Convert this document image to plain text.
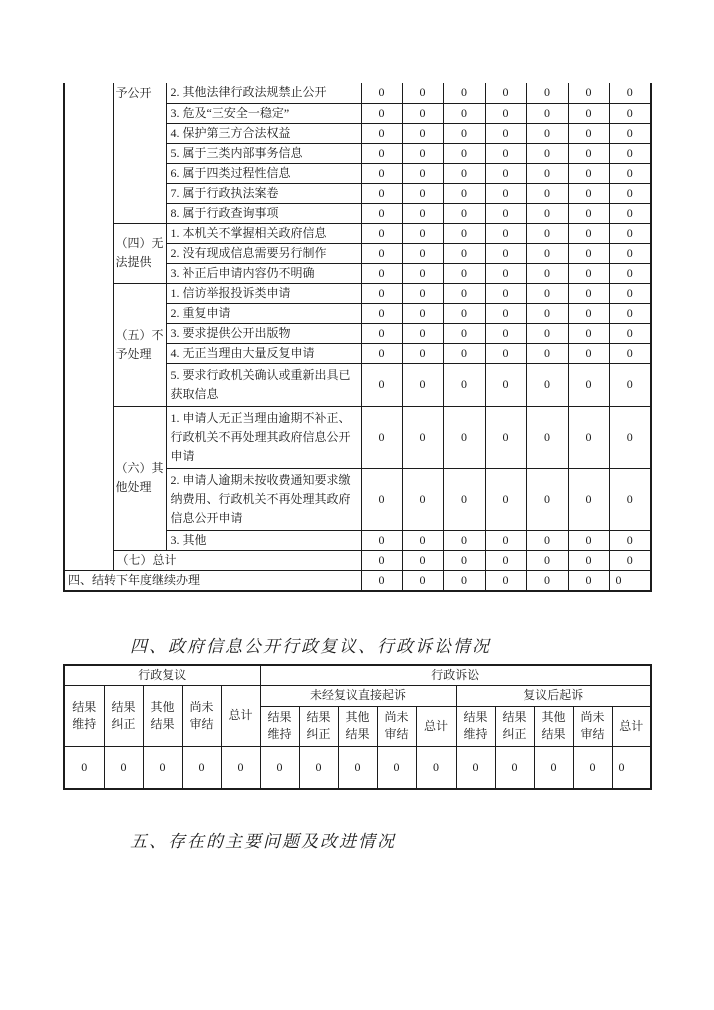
	予公开	2. 其他法律行政法规禁止公开	0	0	0	0	0	0	0
		3. 危及“三安全一稳定”	0	0	0	0	0	0	0
		4. 保护第三方合法权益	0	0	0	0	0	0	0
		5. 属于三类内部事务信息	0	0	0	0	0	0	0
		6. 属于四类过程性信息	0	0	0	0	0	0	0
		7. 属于行政执法案卷	0	0	0	0	0	0	0
		8. 属于行政查询事项	0	0	0	0	0	0	0
	（四）无法提供	1. 本机关不掌握相关政府信息	0	0	0	0	0	0	0
		2. 没有现成信息需要另行制作	0	0	0	0	0	0	0
		3. 补正后申请内容仍不明确	0	0	0	0	0	0	0
	（五）不予处理	1. 信访举报投诉类申请	0	0	0	0	0	0	0
		2. 重复申请	0	0	0	0	0	0	0
		3. 要求提供公开出版物	0	0	0	0	0	0	0
		4. 无正当理由大量反复申请	0	0	0	0	0	0	0
		5. 要求行政机关确认或重新出具已获取信息	0	0	0	0	0	0	0
	（六）其他处理	1. 申请人无正当理由逾期不补正、行政机关不再处理其政府信息公开申请	0	0	0	0	0	0	0
		2. 申请人逾期未按收费通知要求缴纳费用、行政机关不再处理其政府信息公开申请	0	0	0	0	0	0	0
		3. 其他	0	0	0	0	0	0	0
	（七）总计		0	0	0	0	0	0	0
四、结转下年度继续办理			0	0	0	0	0	0	0
四、政府信息公开行政复议、行政诉讼情况
行政复议					行政诉讼									
结果维持	结果纠正	其他结果	尚未审结	总计	未经复议直接起诉					复议后起诉				
					结果维持	结果纠正	其他结果	尚未审结	总计	结果维持	结果纠正	其他结果	尚未审结	总计
0	0	0	0	0	0	0	0	0	0	0	0	0	0	0
五、存在的主要问题及改进情况
